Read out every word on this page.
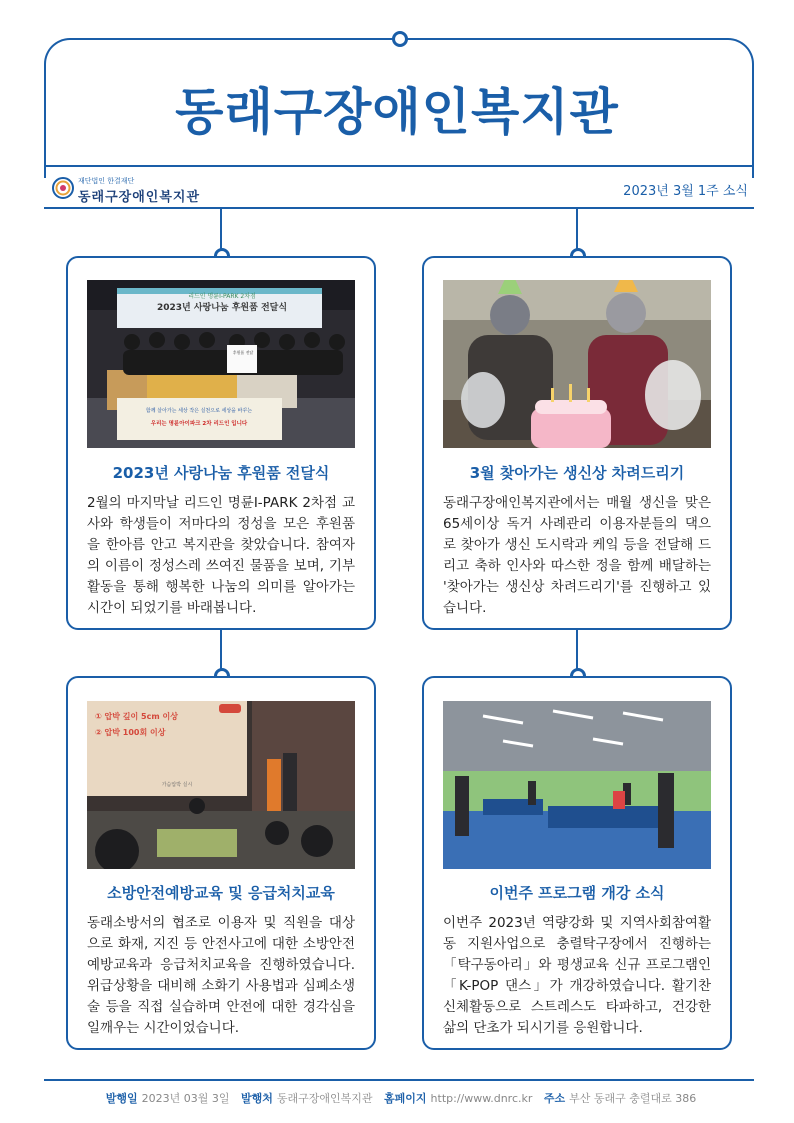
동래구장애인복지관
재단법인 한결재단
동래구장애인복지관	2023년 3월 1주 소식
리드인 명륜I-PARK 2차점
2023년 사랑나눔 후원품 전달식
후원품 전달
함께 살아가는 세상 작은 실천으로 세상을 바꾸는
우리는 명륜아이파크 2차 리드인 입니다
2023년 사랑나눔 후원품 전달식
2월의 마지막날 리드인 명륜I-PARK 2차점 교사와 학생들이 저마다의 정성을 모은 후원품을 한아름 안고 복지관을 찾았습니다. 참여자의 이름이 정성스레 쓰여진 물품을 보며, 기부활동을 통해 행복한 나눔의 의미를 알아가는 시간이 되었기를 바래봅니다.
3월 찾아가는 생신상 차려드리기
동래구장애인복지관에서는 매월 생신을 맞은 65세이상 독거 사례관리 이용자분들의 댁으로 찾아가 생신 도시락과 케잌 등을 전달해 드리고 축하 인사와 따스한 정을 함께 배달하는 '찾아가는 생신상 차려드리기'를 진행하고 있습니다.
① 압박 깊이 5cm 이상
② 압박 100회 이상
가슴압박 실시
소방안전예방교육 및 응급처치교육
동래소방서의 협조로 이용자 및 직원을 대상으로 화재, 지진 등 안전사고에 대한 소방안전예방교육과 응급처치교육을 진행하였습니다. 위급상황을 대비해 소화기 사용법과 심폐소생술 등을 직접 실습하며 안전에 대한 경각심을 일깨우는 시간이었습니다.
이번주 프로그램 개강 소식
이번주 2023년 역량강화 및 지역사회참여활동 지원사업으로 충렬탁구장에서 진행하는 「탁구동아리」와 평생교육 신규 프로그램인 「K-POP 댄스」가 개강하였습니다. 활기찬 신체활동으로 스트레스도 타파하고, 건강한 삶의 단초가 되시기를 응원합니다.
발행일 2023년 03월 3일 발행처 동래구장애인복지관 홈페이지 http://www.dnrc.kr 주소 부산 동래구 충렬대로 386
